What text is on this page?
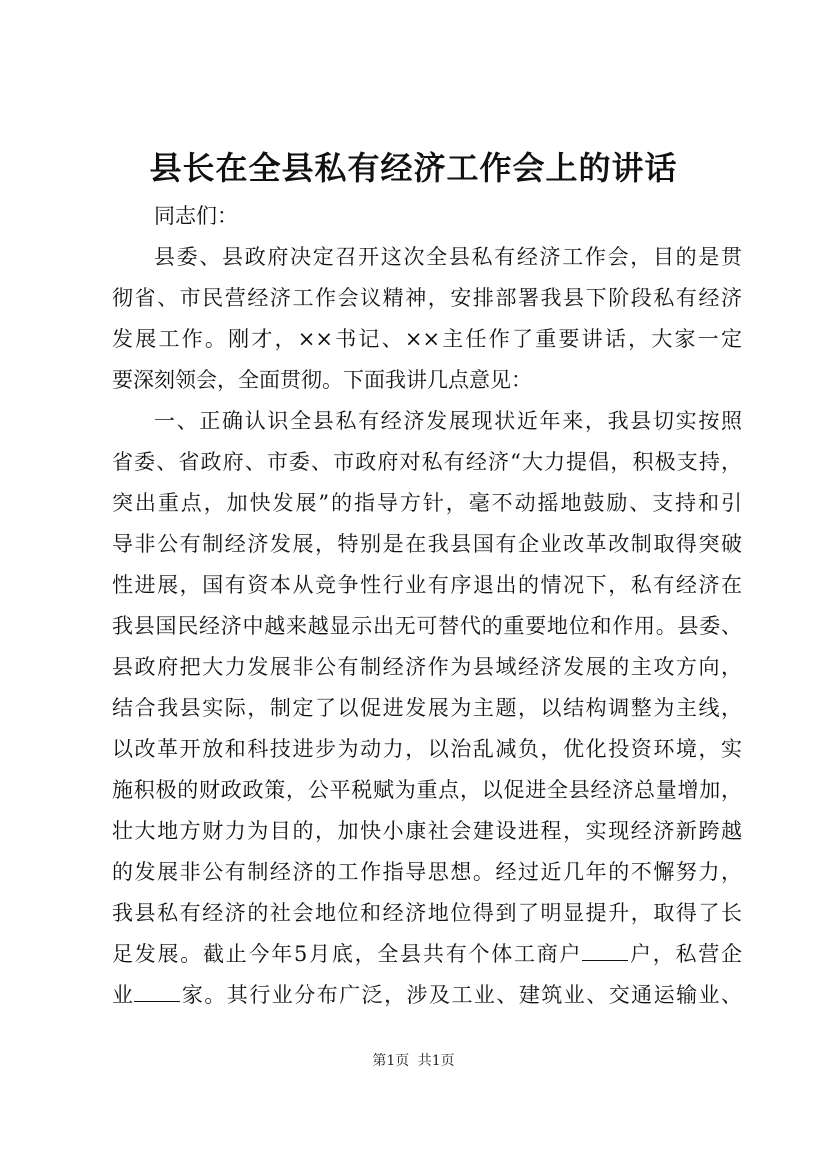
县长在全县私有经济工作会上的讲话
同志们：
县委、县政府决定召开这次全县私有经济工作会，目的是贯
彻省、市民营经济工作会议精神，安排部署我县下阶段私有经济
发展工作。刚才，××书记、××主任作了重要讲话，大家一定
要深刻领会，全面贯彻。下面我讲几点意见：
一、正确认识全县私有经济发展现状近年来，我县切实按照
省委、省政府、市委、市政府对私有经济“大力提倡，积极支持，
突出重点，加快发展”的指导方针，毫不动摇地鼓励、支持和引
导非公有制经济发展，特别是在我县国有企业改革改制取得突破
性进展，国有资本从竞争性行业有序退出的情况下，私有经济在
我县国民经济中越来越显示出无可替代的重要地位和作用。县委、
县政府把大力发展非公有制经济作为县域经济发展的主攻方向，
结合我县实际，制定了以促进发展为主题，以结构调整为主线，
以改革开放和科技进步为动力，以治乱减负，优化投资环境，实
施积极的财政政策，公平税赋为重点，以促进全县经济总量增加，
壮大地方财力为目的，加快小康社会建设进程，实现经济新跨越
的发展非公有制经济的工作指导思想。经过近几年的不懈努力，
我县私有经济的社会地位和经济地位得到了明显提升，取得了长
足发展。截止今年5月底，全县共有个体工商户 户，私营企
业 家。其行业分布广泛，涉及工业、建筑业、交通运输业、
第1页 共1页
